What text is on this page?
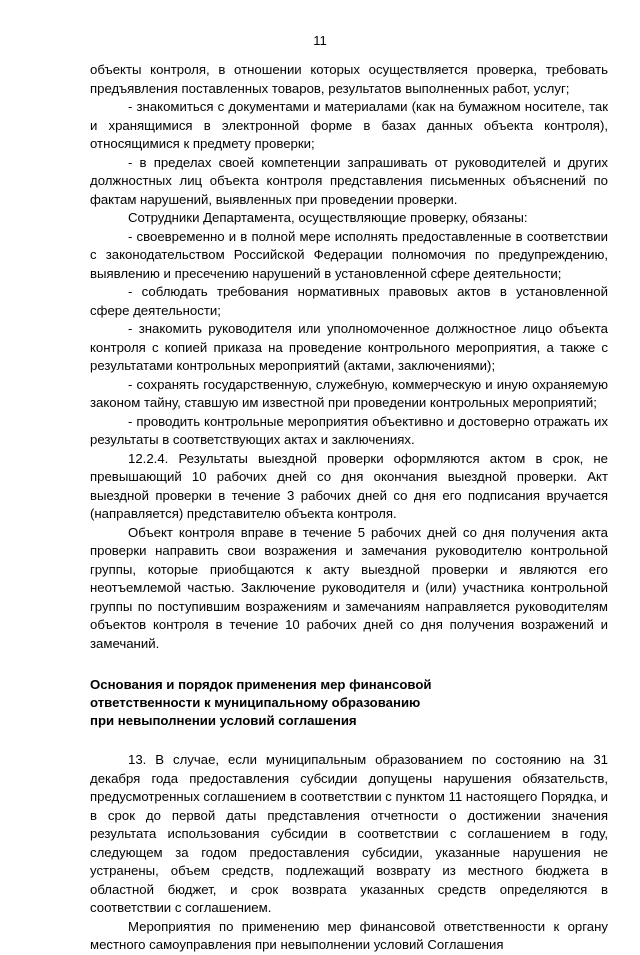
11

объекты контроля, в отношении которых осуществляется проверка, требовать предъявления поставленных товаров, результатов выполненных работ, услуг;

- знакомиться с документами и материалами (как на бумажном носителе, так и хранящимися в электронной форме в базах данных объекта контроля), относящимися к предмету проверки;

- в пределах своей компетенции запрашивать от руководителей и других должностных лиц объекта контроля представления письменных объяснений по фактам нарушений, выявленных при проведении проверки.

Сотрудники Департамента, осуществляющие проверку, обязаны:

- своевременно и в полной мере исполнять предоставленные в соответствии с законодательством Российской Федерации полномочия по предупреждению, выявлению и пресечению нарушений в установленной сфере деятельности;

- соблюдать требования нормативных правовых актов в установленной сфере деятельности;

- знакомить руководителя или уполномоченное должностное лицо объекта контроля с копией приказа на проведение контрольного мероприятия, а также с результатами контрольных мероприятий (актами, заключениями);

- сохранять государственную, служебную, коммерческую и иную охраняемую законом тайну, ставшую им известной при проведении контрольных мероприятий;

- проводить контрольные мероприятия объективно и достоверно отражать их результаты в соответствующих актах и заключениях.

12.2.4. Результаты выездной проверки оформляются актом в срок, не превышающий 10 рабочих дней со дня окончания выездной проверки. Акт выездной проверки в течение 3 рабочих дней со дня его подписания вручается (направляется) представителю объекта контроля.

Объект контроля вправе в течение 5 рабочих дней со дня получения акта проверки направить свои возражения и замечания руководителю контрольной группы, которые приобщаются к акту выездной проверки и являются его неотъемлемой частью. Заключение руководителя и (или) участника контрольной группы по поступившим возражениям и замечаниям направляется руководителям объектов контроля в течение 10 рабочих дней со дня получения возражений и замечаний.

Основания и порядок применения мер финансовой
ответственности к муниципальному образованию
при невыполнении условий соглашения

13. В случае, если муниципальным образованием по состоянию на 31 декабря года предоставления субсидии допущены нарушения обязательств, предусмотренных соглашением в соответствии с пунктом 11 настоящего Порядка, и в срок до первой даты представления отчетности о достижении значения результата использования субсидии в соответствии с соглашением в году, следующем за годом предоставления субсидии, указанные нарушения не устранены, объем средств, подлежащий возврату из местного бюджета в областной бюджет, и срок возврата указанных средств определяются в соответствии с соглашением.

Мероприятия по применению мер финансовой ответственности к органу местного самоуправления при невыполнении условий Соглашения
